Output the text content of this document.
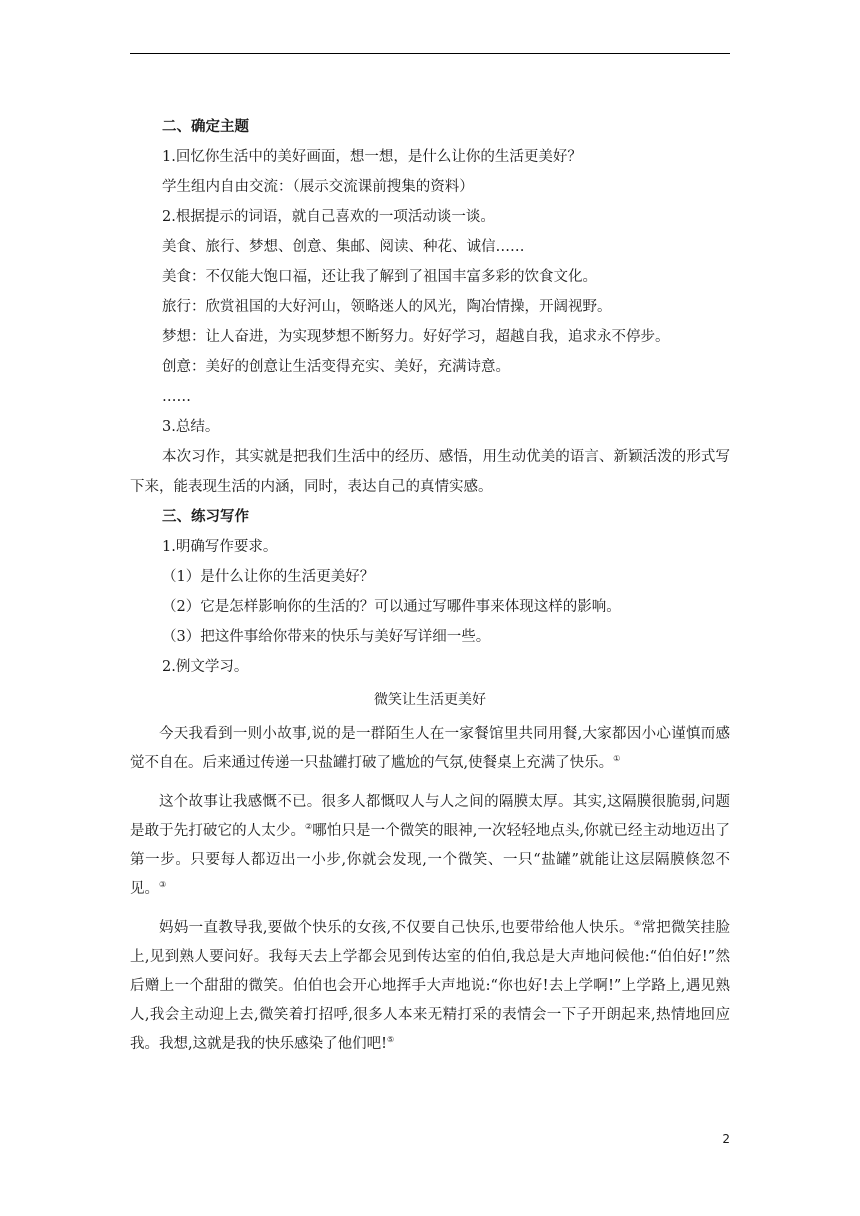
二、确定主题
1.回忆你生活中的美好画面，想一想，是什么让你的生活更美好？
学生组内自由交流：（展示交流课前搜集的资料）
2.根据提示的词语，就自己喜欢的一项活动谈一谈。
美食、旅行、梦想、创意、集邮、阅读、种花、诚信……
美食：不仅能大饱口福，还让我了解到了祖国丰富多彩的饮食文化。
旅行：欣赏祖国的大好河山，领略迷人的风光，陶冶情操，开阔视野。
梦想：让人奋进，为实现梦想不断努力。好好学习，超越自我，追求永不停步。
创意：美好的创意让生活变得充实、美好，充满诗意。
……
3.总结。
本次习作，其实就是把我们生活中的经历、感悟，用生动优美的语言、新颖活泼的形式写下来，能表现生活的内涵，同时，表达自己的真情实感。
三、练习写作
1.明确写作要求。
（1）是什么让你的生活更美好？
（2）它是怎样影响你的生活的？可以通过写哪件事来体现这样的影响。
（3）把这件事给你带来的快乐与美好写详细一些。
2.例文学习。
微笑让生活更美好
今天我看到一则小故事,说的是一群陌生人在一家餐馆里共同用餐,大家都因小心谨慎而感觉不自在。后来通过传递一只盐罐打破了尴尬的气氛,使餐桌上充满了快乐。①
这个故事让我感慨不已。很多人都慨叹人与人之间的隔膜太厚。其实,这隔膜很脆弱,问题是敢于先打破它的人太少。②哪怕只是一个微笑的眼神,一次轻轻地点头,你就已经主动地迈出了第一步。只要每人都迈出一小步,你就会发现,一个微笑、一只“盐罐”就能让这层隔膜倏忽不见。③
妈妈一直教导我,要做个快乐的女孩,不仅要自己快乐,也要带给他人快乐。④常把微笑挂脸上,见到熟人要问好。我每天去上学都会见到传达室的伯伯,我总是大声地问候他:“伯伯好!”然后赠上一个甜甜的微笑。伯伯也会开心地挥手大声地说:“你也好!去上学啊!”上学路上,遇见熟人,我会主动迎上去,微笑着打招呼,很多人本来无精打采的表情会一下子开朗起来,热情地回应我。我想,这就是我的快乐感染了他们吧!⑤
2
